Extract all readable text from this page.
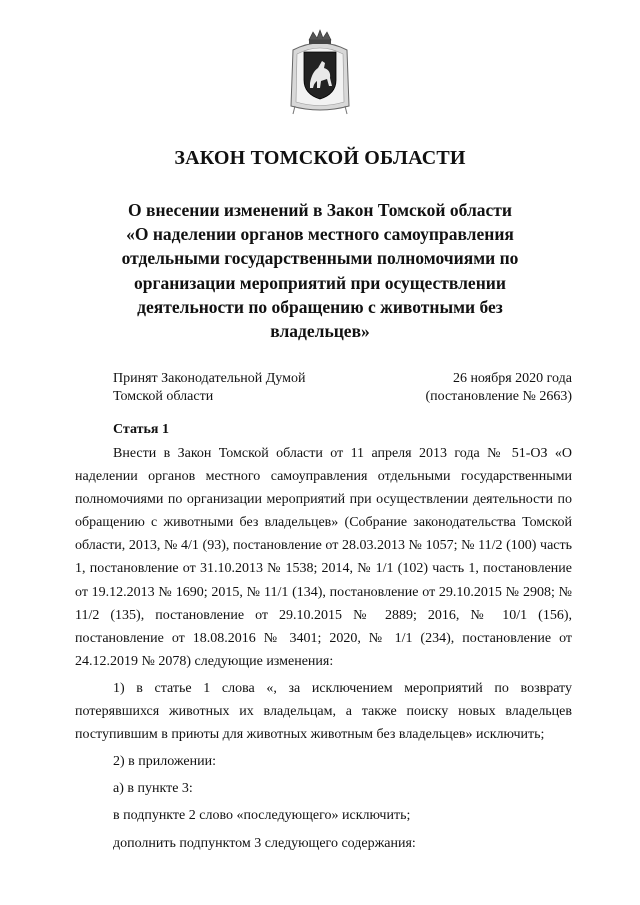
ЗАКОН ТОМСКОЙ ОБЛАСТИ
О внесении изменений в Закон Томской области
«О наделении органов местного самоуправления
отдельными государственными полномочиями по
организации мероприятий при осуществлении
деятельности по обращению с животными без
владельцев»
Принят Законодательной Думой
Томской области
26 ноября 2020 года
(постановление № 2663)
Статья 1

Внести в Закон Томской области от 11 апреля 2013 года № 51-ОЗ «О наделении органов местного самоуправления отдельными государственными полномочиями по организации мероприятий при осуществлении деятельности по обращению с животными без владельцев» (Собрание законодательства Томской области, 2013, № 4/1 (93), постановление от 28.03.2013 № 1057; № 11/2 (100) часть 1, постановление от 31.10.2013 № 1538; 2014, № 1/1 (102) часть 1, постановление от 19.12.2013 № 1690; 2015, № 11/1 (134), постановление от 29.10.2015 № 2908; № 11/2 (135), постановление от 29.10.2015 № 2889; 2016, № 10/1 (156), постановление от 18.08.2016 № 3401; 2020, № 1/1 (234), постановление от 24.12.2019 № 2078) следующие изменения:

1) в статье 1 слова «, за исключением мероприятий по возврату потерявшихся животных их владельцам, а также поиску новых владельцев поступившим в приюты для животных животным без владельцев» исключить;

2) в приложении:

а) в пункте 3:

в подпункте 2 слово «последующего» исключить;

дополнить подпунктом 3 следующего содержания:
